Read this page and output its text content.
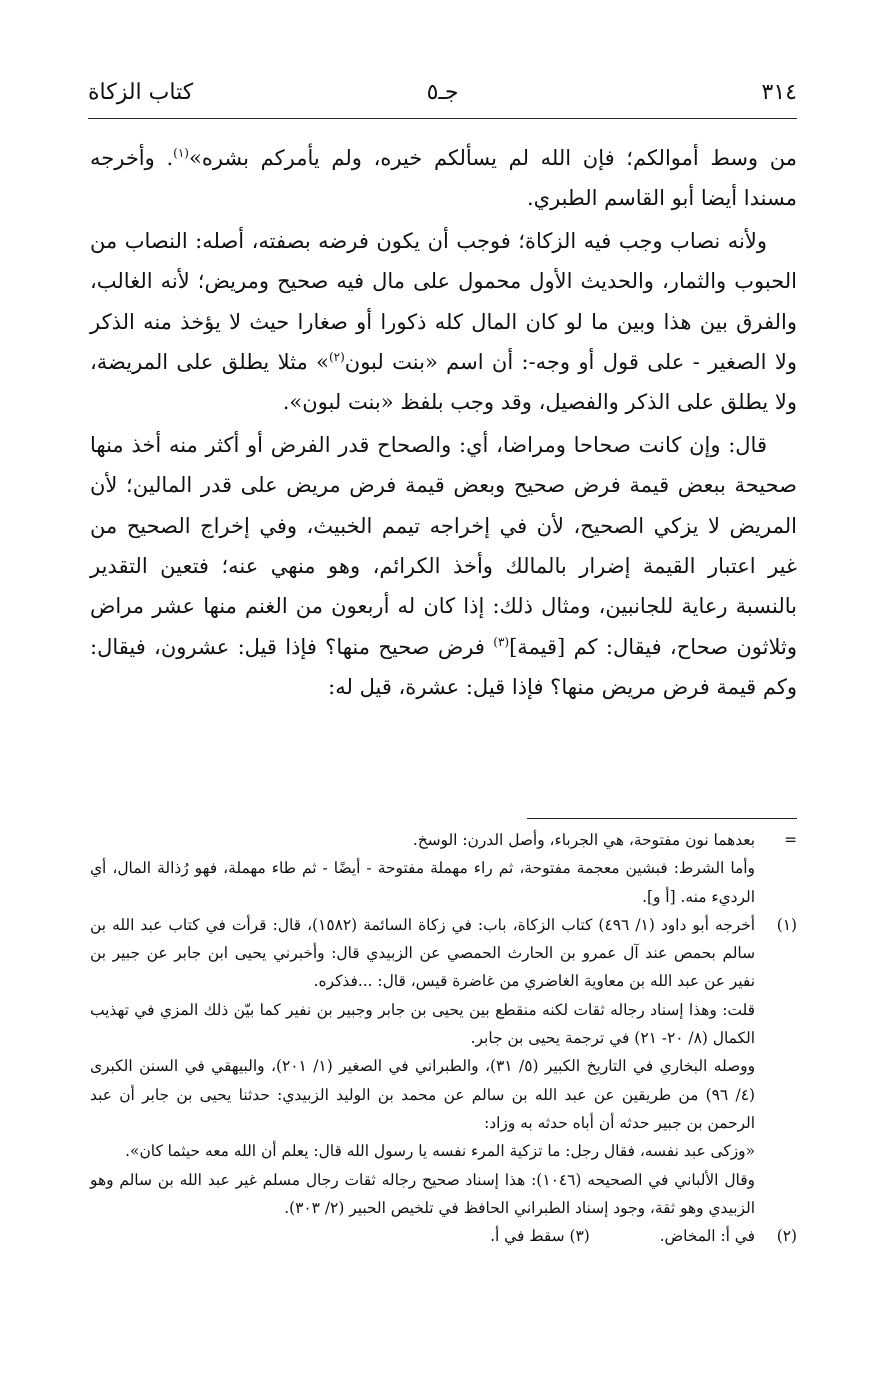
٣١٤
جـ٥
كتاب الزكاة

من وسط أموالكم؛ فإن الله لم يسألكم خيره، ولم يأمركم بشره»$^{(١)}$. وأخرجه مسندا أيضا أبو القاسم الطبري.

ولأنه نصاب وجب فيه الزكاة؛ فوجب أن يكون فرضه بصفته، أصله: النصاب من الحبوب والثمار، والحديث الأول محمول على مال فيه صحيح ومريض؛ لأنه الغالب، والفرق بين هذا وبين ما لو كان المال كله ذكورا أو صغارا حيث لا يؤخذ منه الذكر ولا الصغير - على قول أو وجه-: أن اسم «بنت لبون$^{(٢)}$» مثلا يطلق على المريضة، ولا يطلق على الذكر والفصيل، وقد وجب بلفظ «بنت لبون».

قال: وإن كانت صحاحا ومراضا، أي: والصحاح قدر الفرض أو أكثر منه أخذ منها صحيحة ببعض قيمة فرض صحيح وبعض قيمة فرض مريض على قدر المالين؛ لأن المريض لا يزكي الصحيح، لأن في إخراجه تيمم الخبيث، وفي إخراج الصحيح من غير اعتبار القيمة إضرار بالمالك وأخذ الكرائم، وهو منهي عنه؛ فتعين التقدير بالنسبة رعاية للجانبين، ومثال ذلك: إذا كان له أربعون من الغنم منها عشر مراض وثلاثون صحاح، فيقال: كم [قيمة]$^{(٣)}$ فرض صحيح منها؟ فإذا قيل: عشرون، فيقال: وكم قيمة فرض مريض منها؟ فإذا قيل: عشرة، قيل له:

=
بعدهما نون مفتوحة، هي الجرباء، وأصل الدرن: الوسخ.
وأما الشرط: فبشين معجمة مفتوحة، ثم راء مهملة مفتوحة - أيضًا - ثم طاء مهملة، فهو رُذالة المال، أي الرديء منه. [أ و].
(١)
أخرجه أبو داود (١/ ٤٩٦) كتاب الزكاة، باب: في زكاة السائمة (١٥٨٢)، قال: قرأت في كتاب عبد الله بن سالم بحمص عند آل عمرو بن الحارث الحمصي عن الزبيدي قال: وأخبرني يحيى ابن جابر عن جبير بن نفير عن عبد الله بن معاوية الغاضري من غاضرة قيس، قال: ...فذكره.
قلت: وهذا إسناد رجاله ثقات لكنه منقطع بين يحيى بن جابر وجبير بن نفير كما بيّن ذلك المزي في تهذيب الكمال (٨/ ٢٠- ٢١) في ترجمة يحيى بن جابر.
ووصله البخاري في التاريخ الكبير (٥/ ٣١)، والطبراني في الصغير (١/ ٢٠١)، والبيهقي في السنن الكبرى (٤/ ٩٦) من طريقين عن عبد الله بن سالم عن محمد بن الوليد الزبيدي: حدثنا يحيى بن جابر أن عبد الرحمن بن جبير حدثه أن أباه حدثه به وزاد:
«وزكى عبد نفسه، فقال رجل: ما تزكية المرء نفسه يا رسول الله قال: يعلم أن الله معه حيثما كان».
وقال الألباني في الصحيحه (١٠٤٦): هذا إسناد صحيح رجاله ثقات رجال مسلم غير عبد الله بن سالم وهو الزبيدي وهو ثقة، وجود إسناد الطبراني الحافظ في تلخيص الحبير (٢/ ٣٠٣).
(٢)
في أ: المخاض.  (٣) سقط في أ.
